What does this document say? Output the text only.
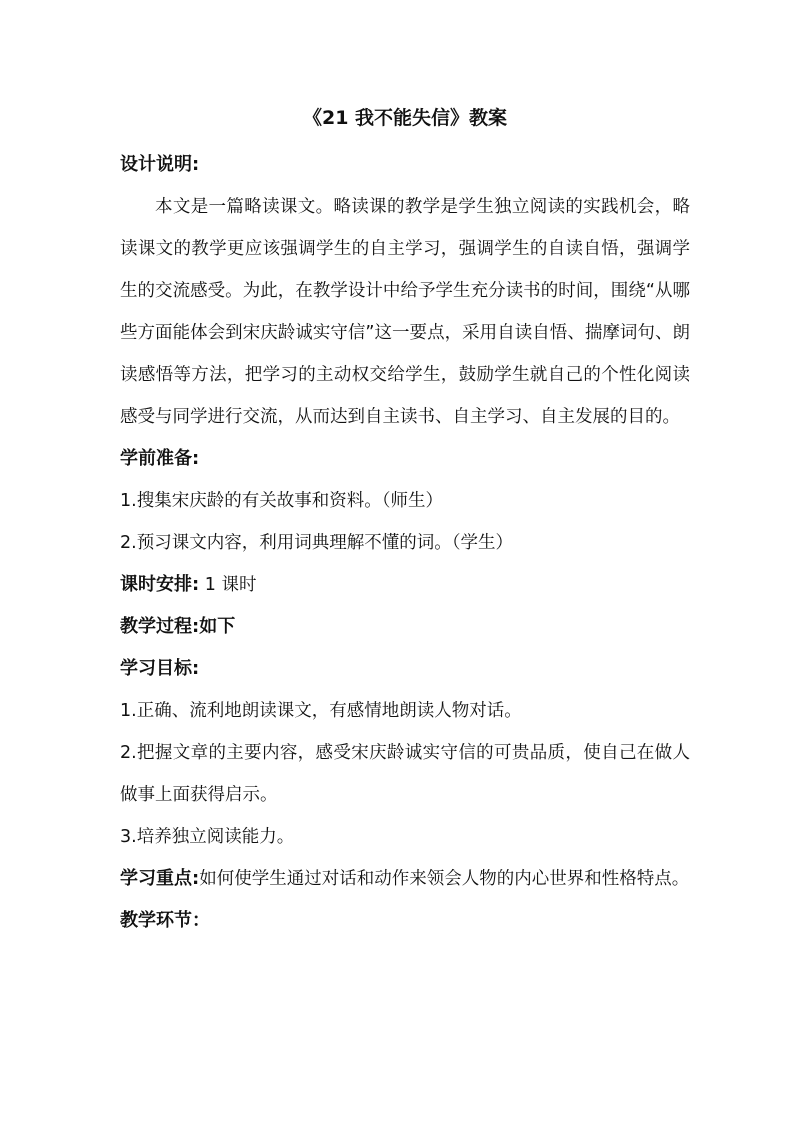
《21 我不能失信》教案
设计说明:
本文是一篇略读课文。略读课的教学是学生独立阅读的实践机会，略读课文的教学更应该强调学生的自主学习，强调学生的自读自悟，强调学生的交流感受。为此，在教学设计中给予学生充分读书的时间，围绕“从哪些方面能体会到宋庆龄诚实守信”这一要点，采用自读自悟、揣摩词句、朗读感悟等方法，把学习的主动权交给学生，鼓励学生就自己的个性化阅读感受与同学进行交流，从而达到自主读书、自主学习、自主发展的目的。
学前准备:
1.搜集宋庆龄的有关故事和资料。（师生）
2.预习课文内容，利用词典理解不懂的词。（学生）
课时安排: 1 课时
教学过程:如下
学习目标:
1.正确、流利地朗读课文，有感情地朗读人物对话。
2.把握文章的主要内容，感受宋庆龄诚实守信的可贵品质，使自己在做人做事上面获得启示。
3.培养独立阅读能力。
学习重点:如何使学生通过对话和动作来领会人物的内心世界和性格特点。
教学环节：
